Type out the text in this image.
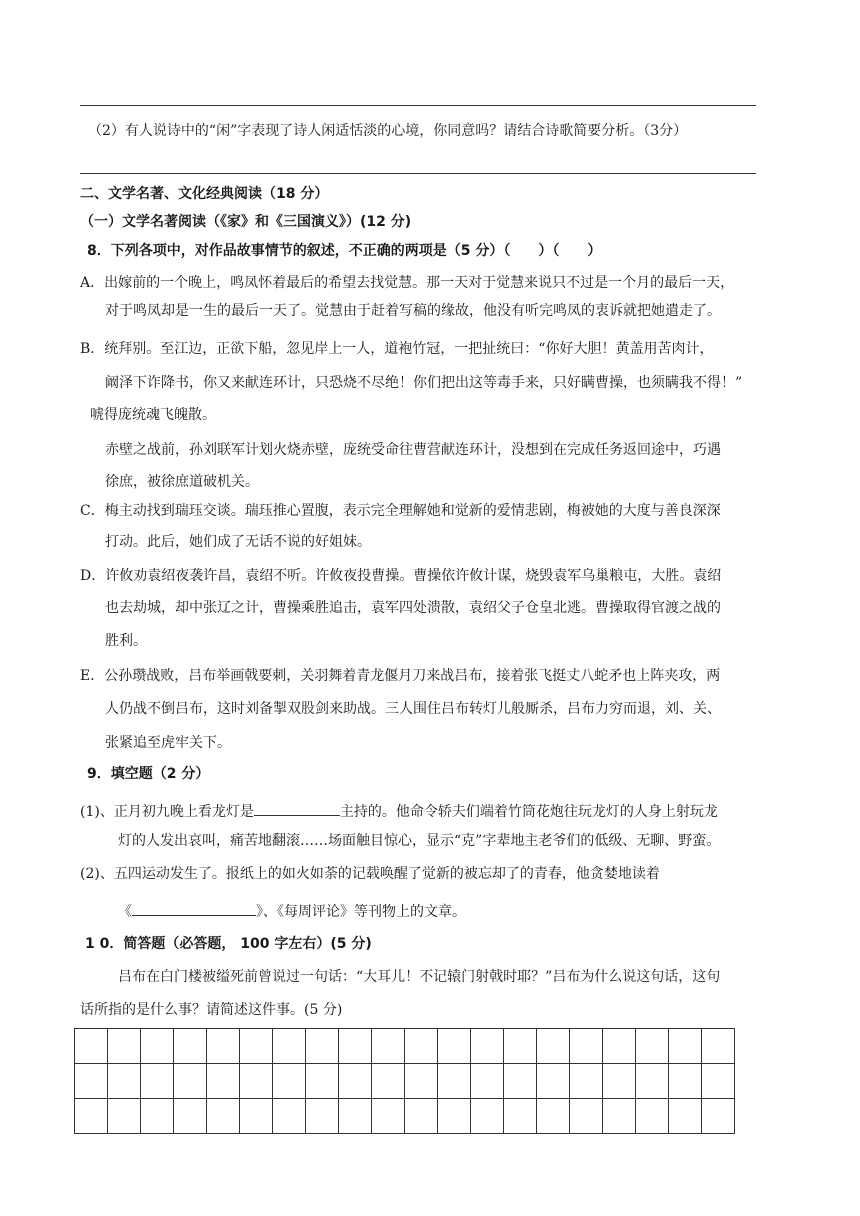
（2）有人说诗中的“闲”字表现了诗人闲适恬淡的心境，你同意吗？请结合诗歌简要分析。（3分）
二、文学名著、文化经典阅读（18 分）
（一）文学名著阅读（《家》和《三国演义》）(12 分)
8．下列各项中，对作品故事情节的叙述，不正确的两项是（5 分）（　　）（　　）
A．出嫁前的一个晚上，鸣凤怀着最后的希望去找觉慧。那一天对于觉慧来说只不过是一个月的最后一天，
对于鸣凤却是一生的最后一天了。觉慧由于赶着写稿的缘故，他没有听完鸣凤的衷诉就把她遣走了。
B．统拜别。至江边，正欲下船，忽见岸上一人，道袍竹冠，一把扯统曰：“你好大胆！黄盖用苦肉计，
阚泽下诈降书，你又来献连环计，只恐烧不尽绝！你们把出这等毒手来，只好瞒曹操，也须瞒我不得！”
唬得庞统魂飞魄散。
赤壁之战前，孙刘联军计划火烧赤壁，庞统受命往曹营献连环计，没想到在完成任务返回途中，巧遇
徐庶，被徐庶道破机关。
C．梅主动找到瑞珏交谈。瑞珏推心置腹，表示完全理解她和觉新的爱情悲剧，梅被她的大度与善良深深
打动。此后，她们成了无话不说的好姐妹。
D．许攸劝袁绍夜袭许昌，袁绍不听。许攸夜投曹操。曹操依许攸计谋，烧毁袁军乌巢粮屯，大胜。袁绍
也去劫城，却中张辽之计，曹操乘胜追击，袁军四处溃散，袁绍父子仓皇北逃。曹操取得官渡之战的
胜利。
E．公孙瓒战败，吕布举画戟要刺，关羽舞着青龙偃月刀来战吕布，接着张飞挺丈八蛇矛也上阵夹攻，两
人仍战不倒吕布，这时刘备掣双股剑来助战。三人围住吕布转灯儿般厮杀，吕布力穷而退，刘、关、
张紧追至虎牢关下。
9．填空题（2 分）
(1)、正月初九晚上看龙灯是	主持的。他命令轿夫们端着竹筒花炮往玩龙灯的人身上射玩龙
灯的人发出哀叫，痛苦地翻滚……场面触目惊心，显示“克”字辈地主老爷们的低级、无聊、野蛮。
(2)、五四运动发生了。报纸上的如火如荼的记载唤醒了觉新的被忘却了的青春，他贪婪地读着
《	》、《每周评论》等刊物上的文章。
1 0．简答题（必答题， 100 字左右）(5 分)
吕布在白门楼被缢死前曾说过一句话：“大耳儿！不记辕门射戟时耶？”吕布为什么说这句话，这句
话所指的是什么事？请简述这件事。(5 分)
